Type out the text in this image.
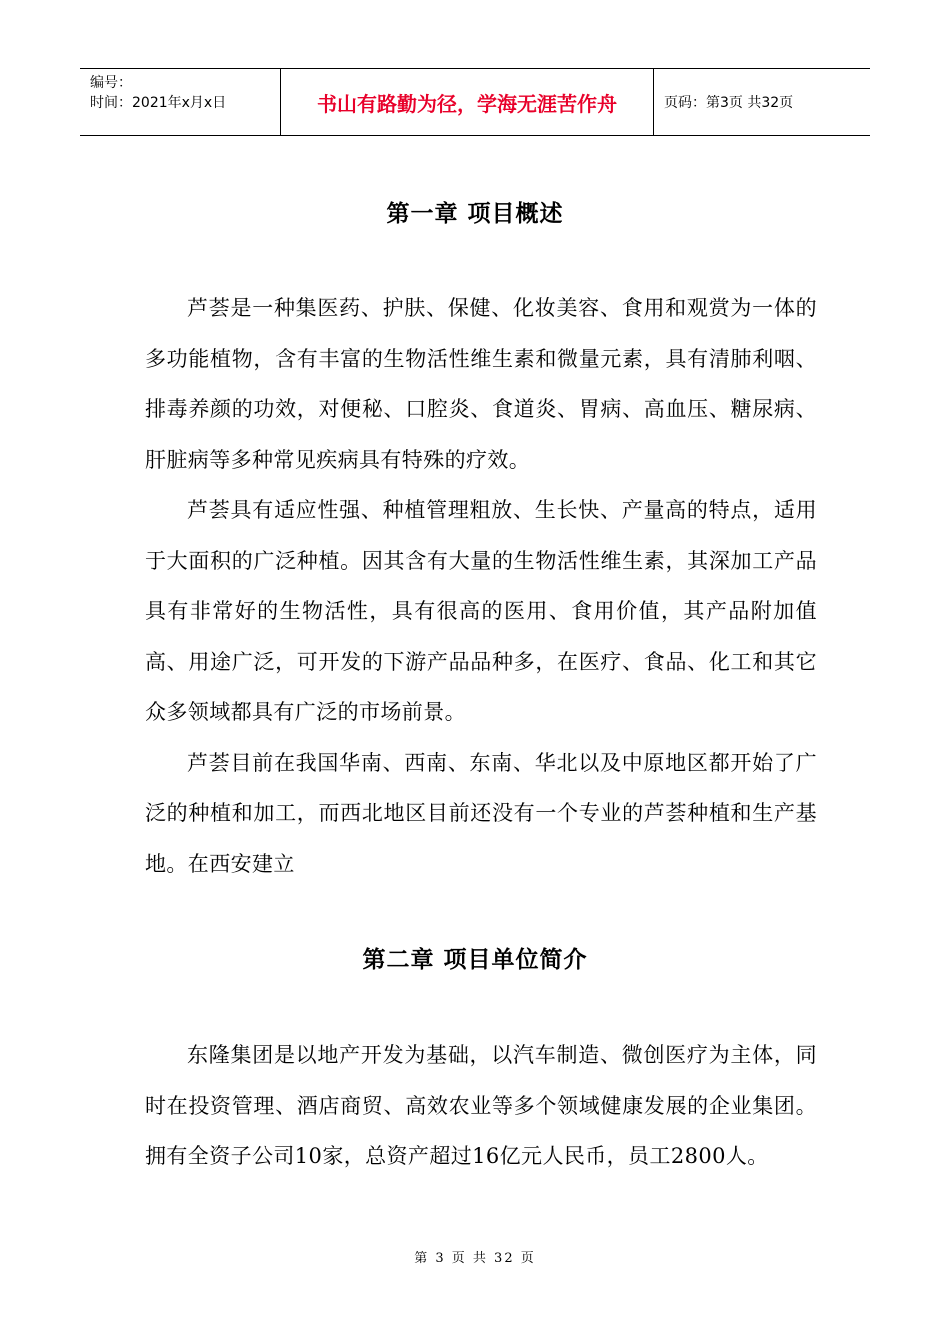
编号：
时间：2021年x月x日	书山有路勤为径，学海无涯苦作舟	页码：第3页 共32页
第一章 项目概述

芦荟是一种集医药、护肤、保健、化妆美容、食用和观赏为一体的多功能植物，含有丰富的生物活性维生素和微量元素，具有清肺利咽、排毒养颜的功效，对便秘、口腔炎、食道炎、胃病、高血压、糖尿病、肝脏病等多种常见疾病具有特殊的疗效。

芦荟具有适应性强、种植管理粗放、生长快、产量高的特点，适用于大面积的广泛种植。因其含有大量的生物活性维生素，其深加工产品具有非常好的生物活性，具有很高的医用、食用价值，其产品附加值高、用途广泛，可开发的下游产品品种多，在医疗、食品、化工和其它众多领域都具有广泛的市场前景。

芦荟目前在我国华南、西南、东南、华北以及中原地区都开始了广泛的种植和加工，而西北地区目前还没有一个专业的芦荟种植和生产基地。在西安建立

第二章 项目单位简介

东隆集团是以地产开发为基础，以汽车制造、微创医疗为主体，同时在投资管理、酒店商贸、高效农业等多个领域健康发展的企业集团。拥有全资子公司10家，总资产超过16亿元人民币，员工2800人。

第 3 页 共 32 页
